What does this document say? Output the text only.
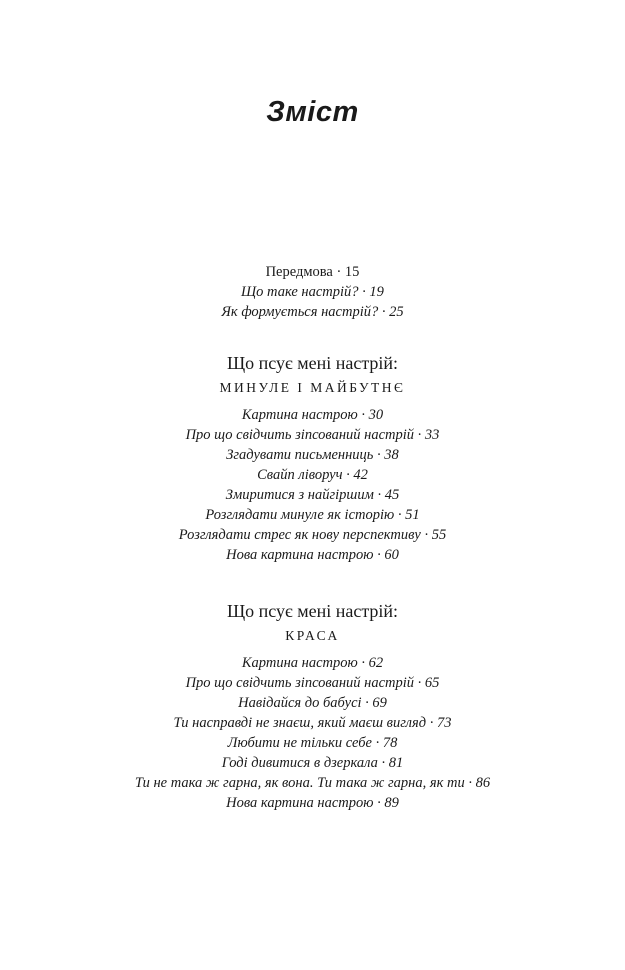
Зміст
Передмова · 15
Що таке настрій? · 19
Як формується настрій? · 25
Що псує мені настрій:
МИНУЛЕ І МАЙБУТНЄ
Картина настрою · 30
Про що свідчить зіпсований настрій · 33
Згадувати письменниць · 38
Свайп ліворуч · 42
Змиритися з найгіршим · 45
Розглядати минуле як історію · 51
Розглядати стрес як нову перспективу · 55
Нова картина настрою · 60
Що псує мені настрій:
КРАСА
Картина настрою · 62
Про що свідчить зіпсований настрій · 65
Навідайся до бабусі · 69
Ти насправді не знаєш, який маєш вигляд · 73
Любити не тільки себе · 78
Годі дивитися в дзеркала · 81
Ти не така ж гарна, як вона. Ти така ж гарна, як ти · 86
Нова картина настрою · 89
